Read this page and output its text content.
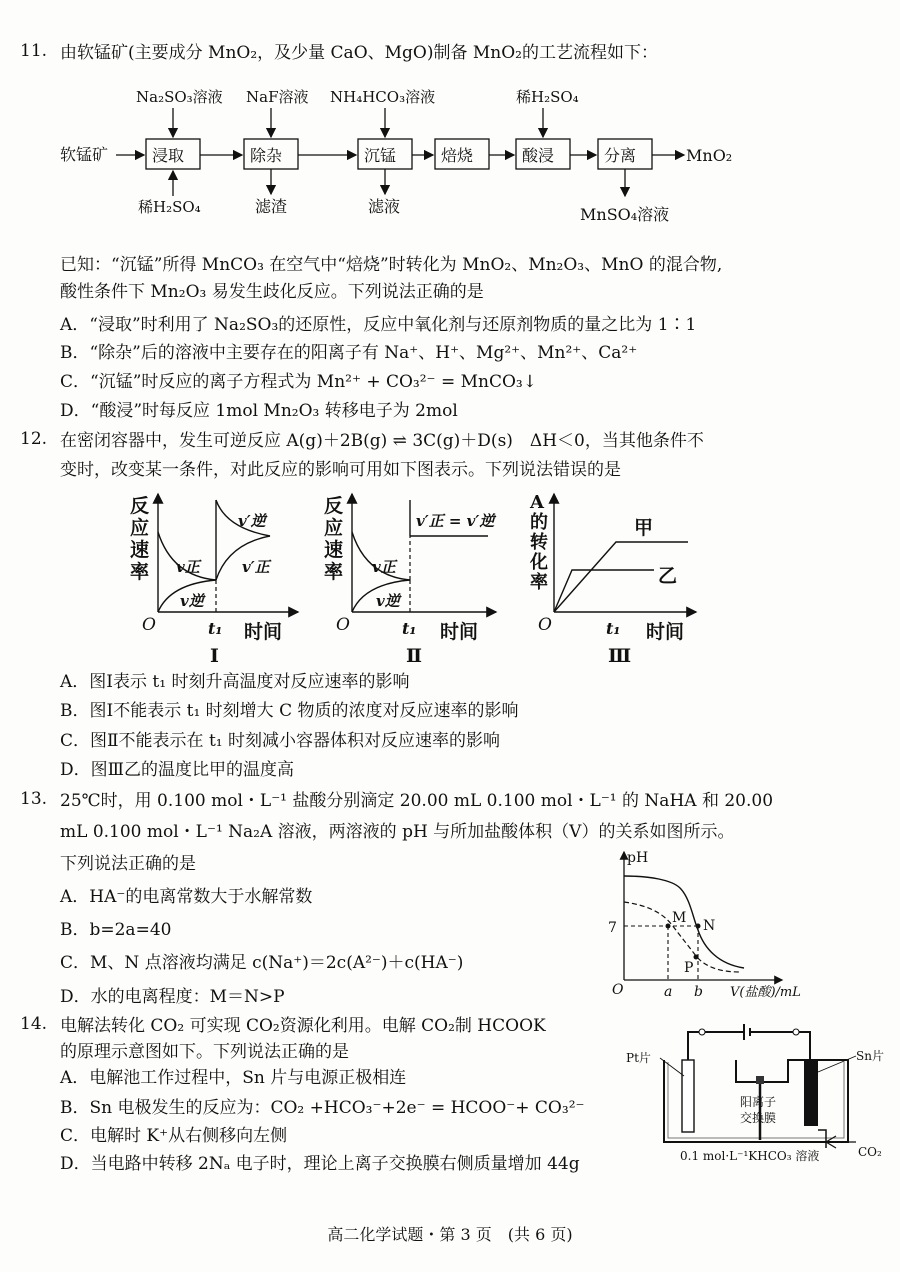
11. 由软锰矿(主要成分 MnO₂，及少量 CaO、MgO)制备 MnO₂的工艺流程如下：
软锰矿	浸取	除杂	沉锰	焙烧	酸浸	分离	MnO₂
Na₂SO₃溶液 NaF溶液 NH₄HCO₃溶液	稀H₂SO₄
稀H₂SO₄	滤渣	滤液	MnSO₄溶液
已知：“沉锰”所得 MnCO₃ 在空气中“焙烧”时转化为 MnO₂、Mn₂O₃、MnO 的混合物,
酸性条件下 Mn₂O₃ 易发生歧化反应。下列说法正确的是
A．“浸取”时利用了 Na₂SO₃的还原性，反应中氧化剂与还原剂物质的量之比为 1∶1
B．“除杂”后的溶液中主要存在的阳离子有 Na⁺、H⁺、Mg²⁺、Mn²⁺、Ca²⁺
C．“沉锰”时反应的离子方程式为 Mn²⁺ + CO₃²⁻ = MnCO₃↓
D．“酸浸”时每反应 1mol Mn₂O₃ 转移电子为 2mol
12. 在密闭容器中，发生可逆反应 A(g)＋2B(g) ⇌ 3C(g)＋D(s)　ΔH＜0，当其他条件不
变时，改变某一条件，对此反应的影响可用如下图表示。下列说法错误的是
反
应
速
率 v正
v逆
v′逆
v′正
O	t₁ 时间
Ⅰ
反
应
速
率 v正
v逆
v′正 = v′逆
O	t₁ 时间
Ⅱ
A
的
转
化
率
甲
乙
O	t₁ 时间
Ⅲ
A．图Ⅰ表示 t₁ 时刻升高温度对反应速率的影响
B．图Ⅰ不能表示 t₁ 时刻增大 C 物质的浓度对反应速率的影响
C．图Ⅱ不能表示在 t₁ 时刻减小容器体积对反应速率的影响
D．图Ⅲ乙的温度比甲的温度高
13. 25℃时，用 0.100 mol・L⁻¹ 盐酸分别滴定 20.00 mL 0.100 mol・L⁻¹ 的 NaHA 和 20.00
mL 0.100 mol・L⁻¹ Na₂A 溶液，两溶液的 pH 与所加盐酸体积（V）的关系如图所示。
下列说法正确的是
A．HA⁻的电离常数大于水解常数
B．b=2a=40
C．M、N 点溶液均满足 c(Na⁺)＝2c(A²⁻)＋c(HA⁻)
D．水的电离程度：M＝N>P
pH
7
O	a b V(盐酸)/mL
M N
P
14. 电解法转化 CO₂ 可实现 CO₂资源化利用。电解 CO₂制 HCOOK
的原理示意图如下。下列说法正确的是
A．电解池工作过程中，Sn 片与电源正极相连
B．Sn 电极发生的反应为：CO₂ +HCO₃⁻+2e⁻ = HCOO⁻+ CO₃²⁻
C．电解时 K⁺从右侧移向左侧
D．当电路中转移 2Nₐ 电子时，理论上离子交换膜右侧质量增加 44g
Pt片	Sn片
阳离子
交换膜
0.1 mol·L⁻¹KHCO₃ 溶液	CO₂
高二化学试题・第 3 页　(共 6 页)
